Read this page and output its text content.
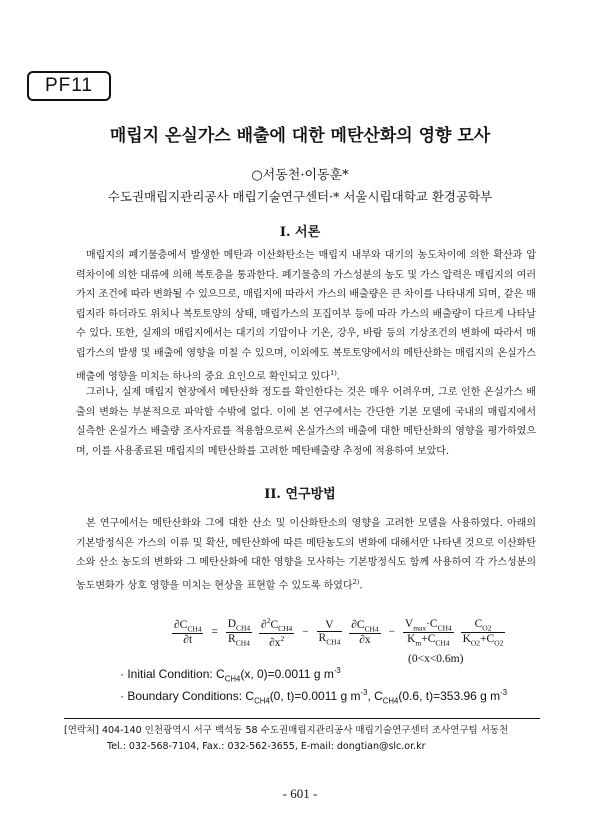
PF11
매립지 온실가스 배출에 대한 메탄산화의 영향 모사
○서동천·이동훈*
수도권매립지관리공사 매립기술연구센터·* 서울시립대학교 환경공학부
I. 서론
매립지의 폐기물층에서 발생한 메탄과 이산화탄소는 매립지 내부와 대기의 농도차이에 의한 확산과 압력차이에 의한 대류에 의해 복토층을 통과한다. 폐기물층의 가스성분의 농도 및 가스 압력은 매립지의 여러 가지 조건에 따라 변화될 수 있으므로, 매립지에 따라서 가스의 배출량은 큰 차이를 나타내게 되며, 같은 매립지라 하더라도 위치나 복토토양의 상태, 매립가스의 포집여부 등에 따라 가스의 배출량이 다르게 나타날 수 있다. 또한, 실제의 매립지에서는 대기의 기압이나 기온, 강우, 바람 등의 기상조건의 변화에 따라서 매립가스의 발생 및 배출에 영향을 미칠 수 있으며, 이외에도 복토토양에서의 메탄산화는 매립지의 온실가스 배출에 영향을 미치는 하나의 중요 요인으로 확인되고 있다$^{1)}$.
그러나, 실제 매립지 현장에서 메탄산화 정도를 확인한다는 것은 매우 어려우며, 그로 인한 온실가스 배출의 변화는 부분적으로 파악할 수밖에 없다. 이에 본 연구에서는 간단한 기본 모델에 국내의 매립지에서 실측한 온실가스 배출량 조사자료를 적용함으로써 온실가스의 배출에 대한 메탄산화의 영향을 평가하였으며, 이를 사용종료된 매립지의 메탄산화를 고려한 메탄배출량 추정에 적용하여 보았다.
II. 연구방법
본 연구에서는 메탄산화와 그에 대한 산소 및 이산화탄소의 영향을 고려한 모델을 사용하였다. 아래의 기본방정식은 가스의 이류 및 확산, 메탄산화에 따른 메탄농도의 변화에 대해서만 나타낸 것으로 이산화탄소와 산소 농도의 변화와 그 메탄산화에 대한 영향을 모사하는 기본방정식도 함께 사용하여 각 가스성분의 농도변화가 상호 영향을 미치는 현상을 표현할 수 있도록 하였다$^{2)}$.
$\frac{\partial C_{CH4}}{\partial t} = \frac{D_{CH4}}{R_{CH4}}$
$\frac{\partial^2C_{CH4}}{\partial x^2} - \frac{V}{R_{CH4}}$
$\frac{\partial C_{CH4}}{\partial x} - \frac{V_{max}\cdot C_{CH4}}{K_m+C_{CH4}}$
$\frac{C_{O2}}{K_{O2}+C_{O2}}$
(0<x<0.6m)
· Initial Condition: $C_{CH4}(x$, 0)=0.0011 g $m^{-3}$
· Boundary Conditions: $C_{CH4}(0$, t)=0.0011 g $m^{-3}$, $C_{CH4}(0.6$, t)=353.96 g $m^{-3}$
[연락처] 404-140 인천광역시 서구 백석동 58 수도권매립지관리공사 매립기술연구센터 조사연구팀 서동천
Tel.: 032-568-7104, Fax.: 032-562-3655, E-mail: dongtian@slc.or.kr
- 601 -
